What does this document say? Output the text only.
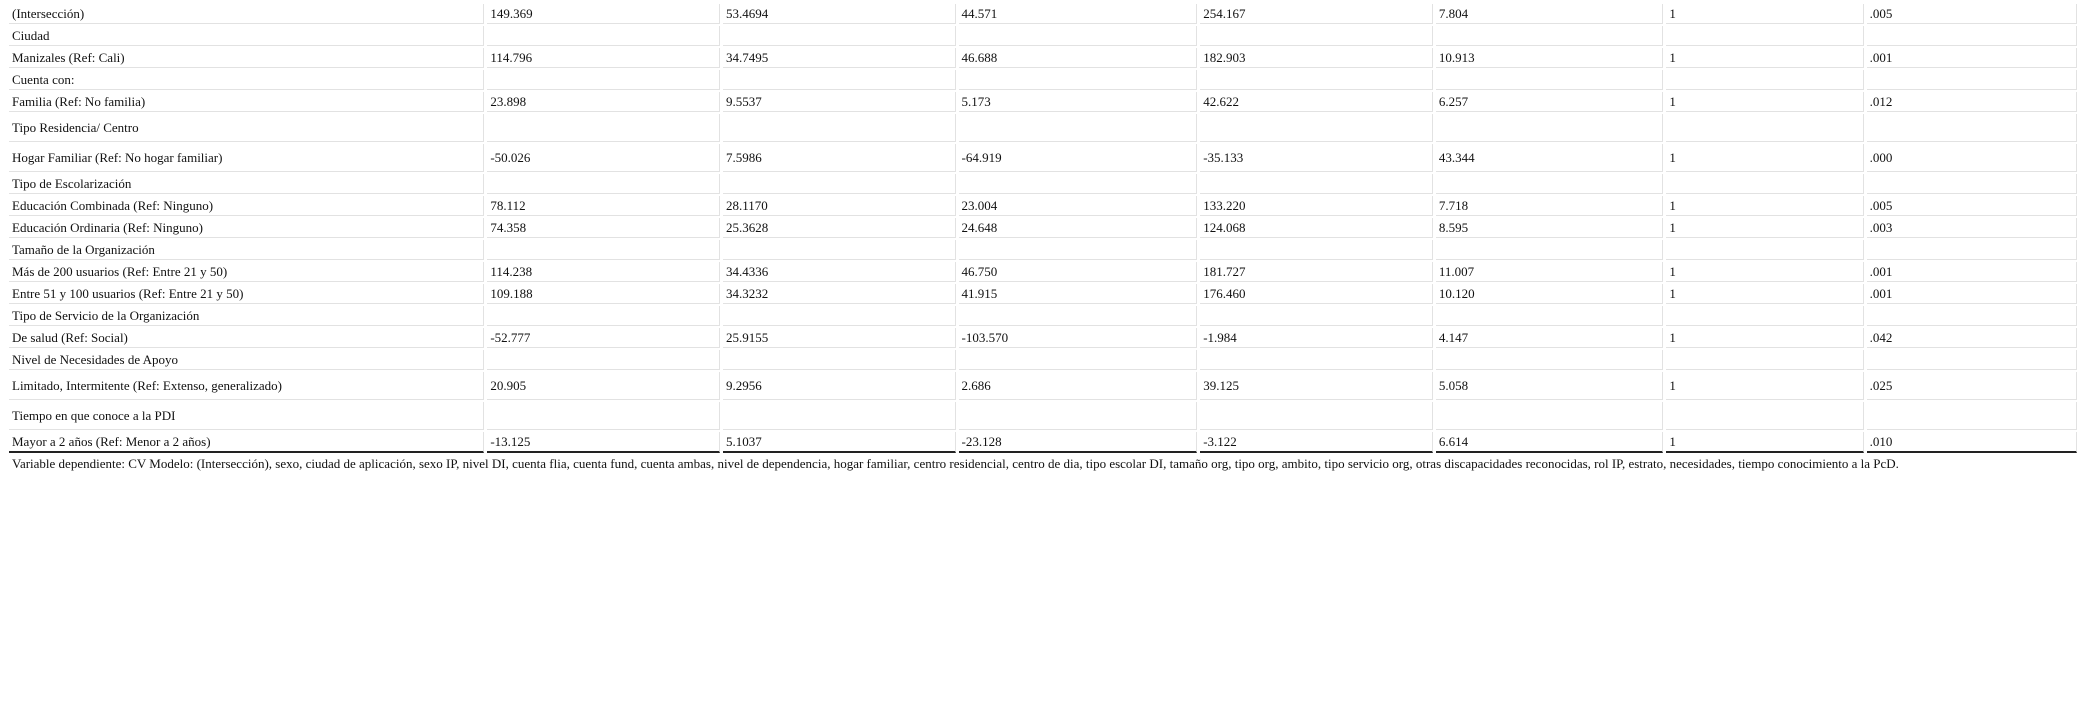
(Intersección)	149.369	53.4694	44.571	254.167	7.804	1	.005
Ciudad							
Manizales (Ref: Cali)	114.796	34.7495	46.688	182.903	10.913	1	.001
Cuenta con:							
Familia (Ref: No familia)	23.898	9.5537	5.173	42.622	6.257	1	.012
Tipo Residencia/ Centro							
Hogar Familiar (Ref: No hogar familiar)	-50.026	7.5986	-64.919	-35.133	43.344	1	.000
Tipo de Escolarización							
Educación Combinada (Ref: Ninguno)	78.112	28.1170	23.004	133.220	7.718	1	.005
Educación Ordinaria (Ref: Ninguno)	74.358	25.3628	24.648	124.068	8.595	1	.003
Tamaño de la Organización							
Más de 200 usuarios (Ref: Entre 21 y 50)	114.238	34.4336	46.750	181.727	11.007	1	.001
Entre 51 y 100 usuarios (Ref: Entre 21 y 50)	109.188	34.3232	41.915	176.460	10.120	1	.001
Tipo de Servicio de la Organización							
De salud (Ref: Social)	-52.777	25.9155	-103.570	-1.984	4.147	1	.042
Nivel de Necesidades de Apoyo							
Limitado, Intermitente (Ref: Extenso, generalizado)	20.905	9.2956	2.686	39.125	5.058	1	.025
Tiempo en que conoce a la PDI							
Mayor a 2 años (Ref: Menor a 2 años)	-13.125	5.1037	-23.128	-3.122	6.614	1	.010
Variable dependiente: CV Modelo: (Intersección), sexo, ciudad de aplicación, sexo IP, nivel DI, cuenta flia, cuenta fund, cuenta ambas, nivel de dependencia, hogar familiar, centro residencial, centro de dia, tipo escolar DI, tamaño org, tipo org, ambito, tipo servicio org, otras discapacidades reconocidas, rol IP, estrato, necesidades, tiempo conocimiento a la PcD.							
